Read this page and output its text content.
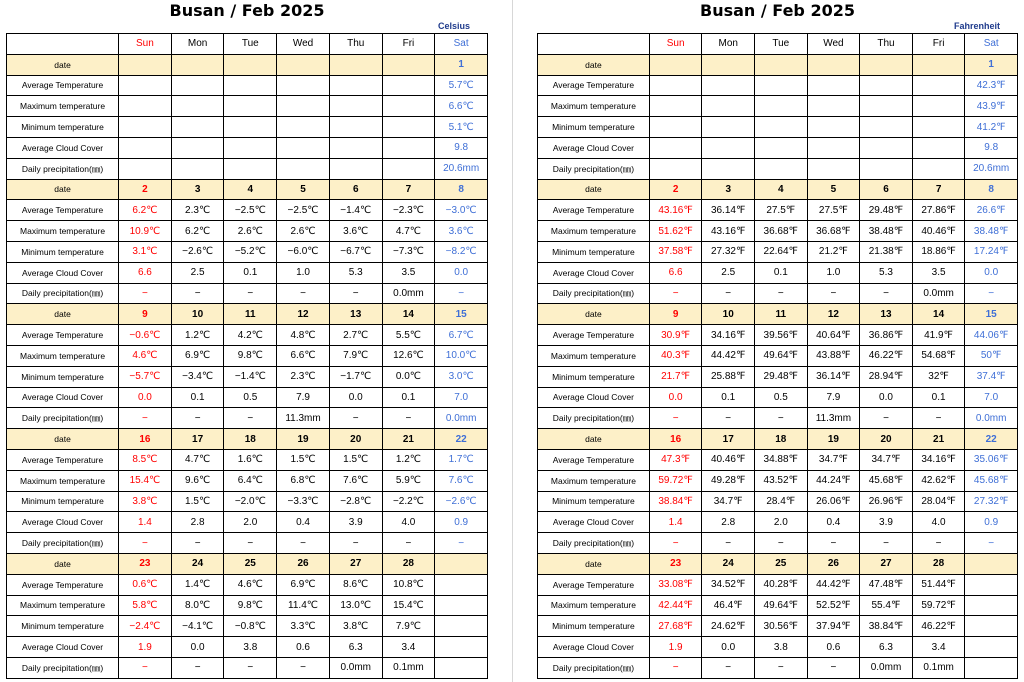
Busan / Feb 2025
Celsius
	Sun	Mon	Tue	Wed	Thu	Fri	Sat
date							1
Average Temperature							5.7℃
Maximum temperature							6.6℃
Minimum temperature							5.1℃
Average Cloud Cover							9.8
Daily precipitation(㎜)							20.6mm
date	2	3	4	5	6	7	8
Average Temperature	6.2℃	2.3℃	−2.5℃	−2.5℃	−1.4℃	−2.3℃	−3.0℃
Maximum temperature	10.9℃	6.2℃	2.6℃	2.6℃	3.6℃	4.7℃	3.6℃
Minimum temperature	3.1℃	−2.6℃	−5.2℃	−6.0℃	−6.7℃	−7.3℃	−8.2℃
Average Cloud Cover	6.6	2.5	0.1	1.0	5.3	3.5	0.0
Daily precipitation(㎜)	−	−	−	−	−	0.0mm	−
date	9	10	11	12	13	14	15
Average Temperature	−0.6℃	1.2℃	4.2℃	4.8℃	2.7℃	5.5℃	6.7℃
Maximum temperature	4.6℃	6.9℃	9.8℃	6.6℃	7.9℃	12.6℃	10.0℃
Minimum temperature	−5.7℃	−3.4℃	−1.4℃	2.3℃	−1.7℃	0.0℃	3.0℃
Average Cloud Cover	0.0	0.1	0.5	7.9	0.0	0.1	7.0
Daily precipitation(㎜)	−	−	−	11.3mm	−	−	0.0mm
date	16	17	18	19	20	21	22
Average Temperature	8.5℃	4.7℃	1.6℃	1.5℃	1.5℃	1.2℃	1.7℃
Maximum temperature	15.4℃	9.6℃	6.4℃	6.8℃	7.6℃	5.9℃	7.6℃
Minimum temperature	3.8℃	1.5℃	−2.0℃	−3.3℃	−2.8℃	−2.2℃	−2.6℃
Average Cloud Cover	1.4	2.8	2.0	0.4	3.9	4.0	0.9
Daily precipitation(㎜)	−	−	−	−	−	−	−
date	23	24	25	26	27	28	
Average Temperature	0.6℃	1.4℃	4.6℃	6.9℃	8.6℃	10.8℃	
Maximum temperature	5.8℃	8.0℃	9.8℃	11.4℃	13.0℃	15.4℃	
Minimum temperature	−2.4℃	−4.1℃	−0.8℃	3.3℃	3.8℃	7.9℃	
Average Cloud Cover	1.9	0.0	3.8	0.6	6.3	3.4	
Daily precipitation(㎜)	−	−	−	−	0.0mm	0.1mm	
Busan / Feb 2025
Fahrenheit
	Sun	Mon	Tue	Wed	Thu	Fri	Sat
date							1
Average Temperature							42.3℉
Maximum temperature							43.9℉
Minimum temperature							41.2℉
Average Cloud Cover							9.8
Daily precipitation(㎜)							20.6mm
date	2	3	4	5	6	7	8
Average Temperature	43.16℉	36.14℉	27.5℉	27.5℉	29.48℉	27.86℉	26.6℉
Maximum temperature	51.62℉	43.16℉	36.68℉	36.68℉	38.48℉	40.46℉	38.48℉
Minimum temperature	37.58℉	27.32℉	22.64℉	21.2℉	21.38℉	18.86℉	17.24℉
Average Cloud Cover	6.6	2.5	0.1	1.0	5.3	3.5	0.0
Daily precipitation(㎜)	−	−	−	−	−	0.0mm	−
date	9	10	11	12	13	14	15
Average Temperature	30.9℉	34.16℉	39.56℉	40.64℉	36.86℉	41.9℉	44.06℉
Maximum temperature	40.3℉	44.42℉	49.64℉	43.88℉	46.22℉	54.68℉	50℉
Minimum temperature	21.7℉	25.88℉	29.48℉	36.14℉	28.94℉	32℉	37.4℉
Average Cloud Cover	0.0	0.1	0.5	7.9	0.0	0.1	7.0
Daily precipitation(㎜)	−	−	−	11.3mm	−	−	0.0mm
date	16	17	18	19	20	21	22
Average Temperature	47.3℉	40.46℉	34.88℉	34.7℉	34.7℉	34.16℉	35.06℉
Maximum temperature	59.72℉	49.28℉	43.52℉	44.24℉	45.68℉	42.62℉	45.68℉
Minimum temperature	38.84℉	34.7℉	28.4℉	26.06℉	26.96℉	28.04℉	27.32℉
Average Cloud Cover	1.4	2.8	2.0	0.4	3.9	4.0	0.9
Daily precipitation(㎜)	−	−	−	−	−	−	−
date	23	24	25	26	27	28	
Average Temperature	33.08℉	34.52℉	40.28℉	44.42℉	47.48℉	51.44℉	
Maximum temperature	42.44℉	46.4℉	49.64℉	52.52℉	55.4℉	59.72℉	
Minimum temperature	27.68℉	24.62℉	30.56℉	37.94℉	38.84℉	46.22℉	
Average Cloud Cover	1.9	0.0	3.8	0.6	6.3	3.4	
Daily precipitation(㎜)	−	−	−	−	0.0mm	0.1mm	
